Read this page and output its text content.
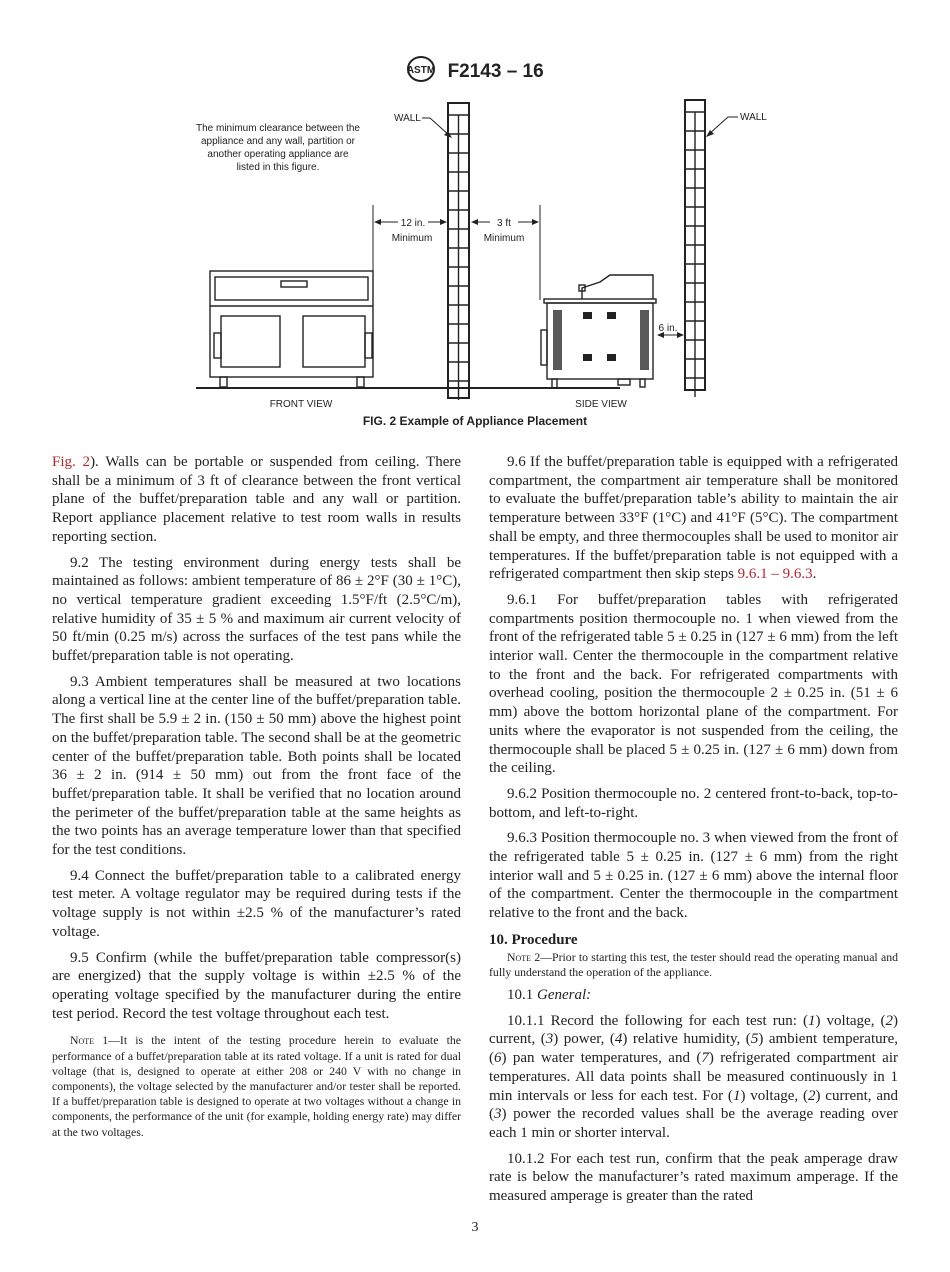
ASTM F2143 – 16
The minimum clearance between the
appliance and any wall, partition or
another operating appliance are
listed in this figure.
WALL	WALL
12 in.
Minimum
3 ft
Minimum
6 in.
FRONT VIEW	SIDE VIEW
FIG. 2 Example of Appliance Placement

Fig. 2). Walls can be portable or suspended from ceiling. There shall be a minimum of 3 ft of clearance between the front vertical plane of the buffet/preparation table and any wall or partition. Report appliance placement relative to test room walls in results reporting section.

9.2 The testing environment during energy tests shall be maintained as follows: ambient temperature of 86 ± 2°F (30 ± 1°C), no vertical temperature gradient exceeding 1.5°F/ft (2.5°C/m), relative humidity of 35 ± 5 % and maximum air current velocity of 50 ft/min (0.25 m/s) across the surfaces of the test pans while the buffet/preparation table is not operating.

9.3 Ambient temperatures shall be measured at two locations along a vertical line at the center line of the buffet/preparation table. The first shall be 5.9 ± 2 in. (150 ± 50 mm) above the highest point on the buffet/preparation table. The second shall be at the geometric center of the buffet/preparation table. Both points shall be located 36 ± 2 in. (914 ± 50 mm) out from the front face of the buffet/preparation table. It shall be verified that no location around the perimeter of the buffet/preparation table at the same heights as the two points has an average temperature lower than that specified for the test conditions.

9.4 Connect the buffet/preparation table to a calibrated energy test meter. A voltage regulator may be required during tests if the voltage supply is not within ±2.5 % of the manufacturer’s rated voltage.

9.5 Confirm (while the buffet/preparation table compressor(s) are energized) that the supply voltage is within ±2.5 % of the operating voltage specified by the manufacturer during the entire test period. Record the test voltage throughout each test.

Note 1—It is the intent of the testing procedure herein to evaluate the performance of a buffet/preparation table at its rated voltage. If a unit is rated for dual voltage (that is, designed to operate at either 208 or 240 V with no change in components), the voltage selected by the manufacturer and/or tester shall be reported. If a buffet/preparation table is designed to operate at two voltages without a change in components, the performance of the unit (for example, holding energy rate) may differ at the two voltages.

9.6 If the buffet/preparation table is equipped with a refrigerated compartment, the compartment air temperature shall be monitored to evaluate the buffet/preparation table’s ability to maintain the air temperature between 33°F (1°C) and 41°F (5°C). The compartment shall be empty, and three thermocouples shall be used to monitor air temperatures. If the buffet/preparation table is not equipped with a refrigerated compartment then skip steps 9.6.1 – 9.6.3.

9.6.1 For buffet/preparation tables with refrigerated compartments position thermocouple no. 1 when viewed from the front of the refrigerated table 5 ± 0.25 in (127 ± 6 mm) from the left interior wall. Center the thermocouple in the compartment relative to the front and the back. For refrigerated compartments with overhead cooling, position the thermocouple 2 ± 0.25 in. (51 ± 6 mm) above the bottom horizontal plane of the compartment. For units where the evaporator is not suspended from the ceiling, the thermocouple shall be placed 5 ± 0.25 in. (127 ± 6 mm) down from the ceiling.

9.6.2 Position thermocouple no. 2 centered front-to-back, top-to-bottom, and left-to-right.

9.6.3 Position thermocouple no. 3 when viewed from the front of the refrigerated table 5 ± 0.25 in. (127 ± 6 mm) from the right interior wall and 5 ± 0.25 in. (127 ± 6 mm) above the internal floor of the compartment. Center the thermocouple in the compartment relative to the front and the back.

10. Procedure

Note 2—Prior to starting this test, the tester should read the operating manual and fully understand the operation of the appliance.

10.1 General:

10.1.1 Record the following for each test run: (1) voltage, (2) current, (3) power, (4) relative humidity, (5) ambient temperature, (6) pan water temperatures, and (7) refrigerated compartment air temperatures. All data points shall be measured continuously in 1 min intervals or less for each test. For (1) voltage, (2) current, and (3) power the recorded values shall be the average reading over each 1 min or shorter interval.

10.1.2 For each test run, confirm that the peak amperage draw rate is below the manufacturer’s rated maximum amperage. If the measured amperage is greater than the rated

3
